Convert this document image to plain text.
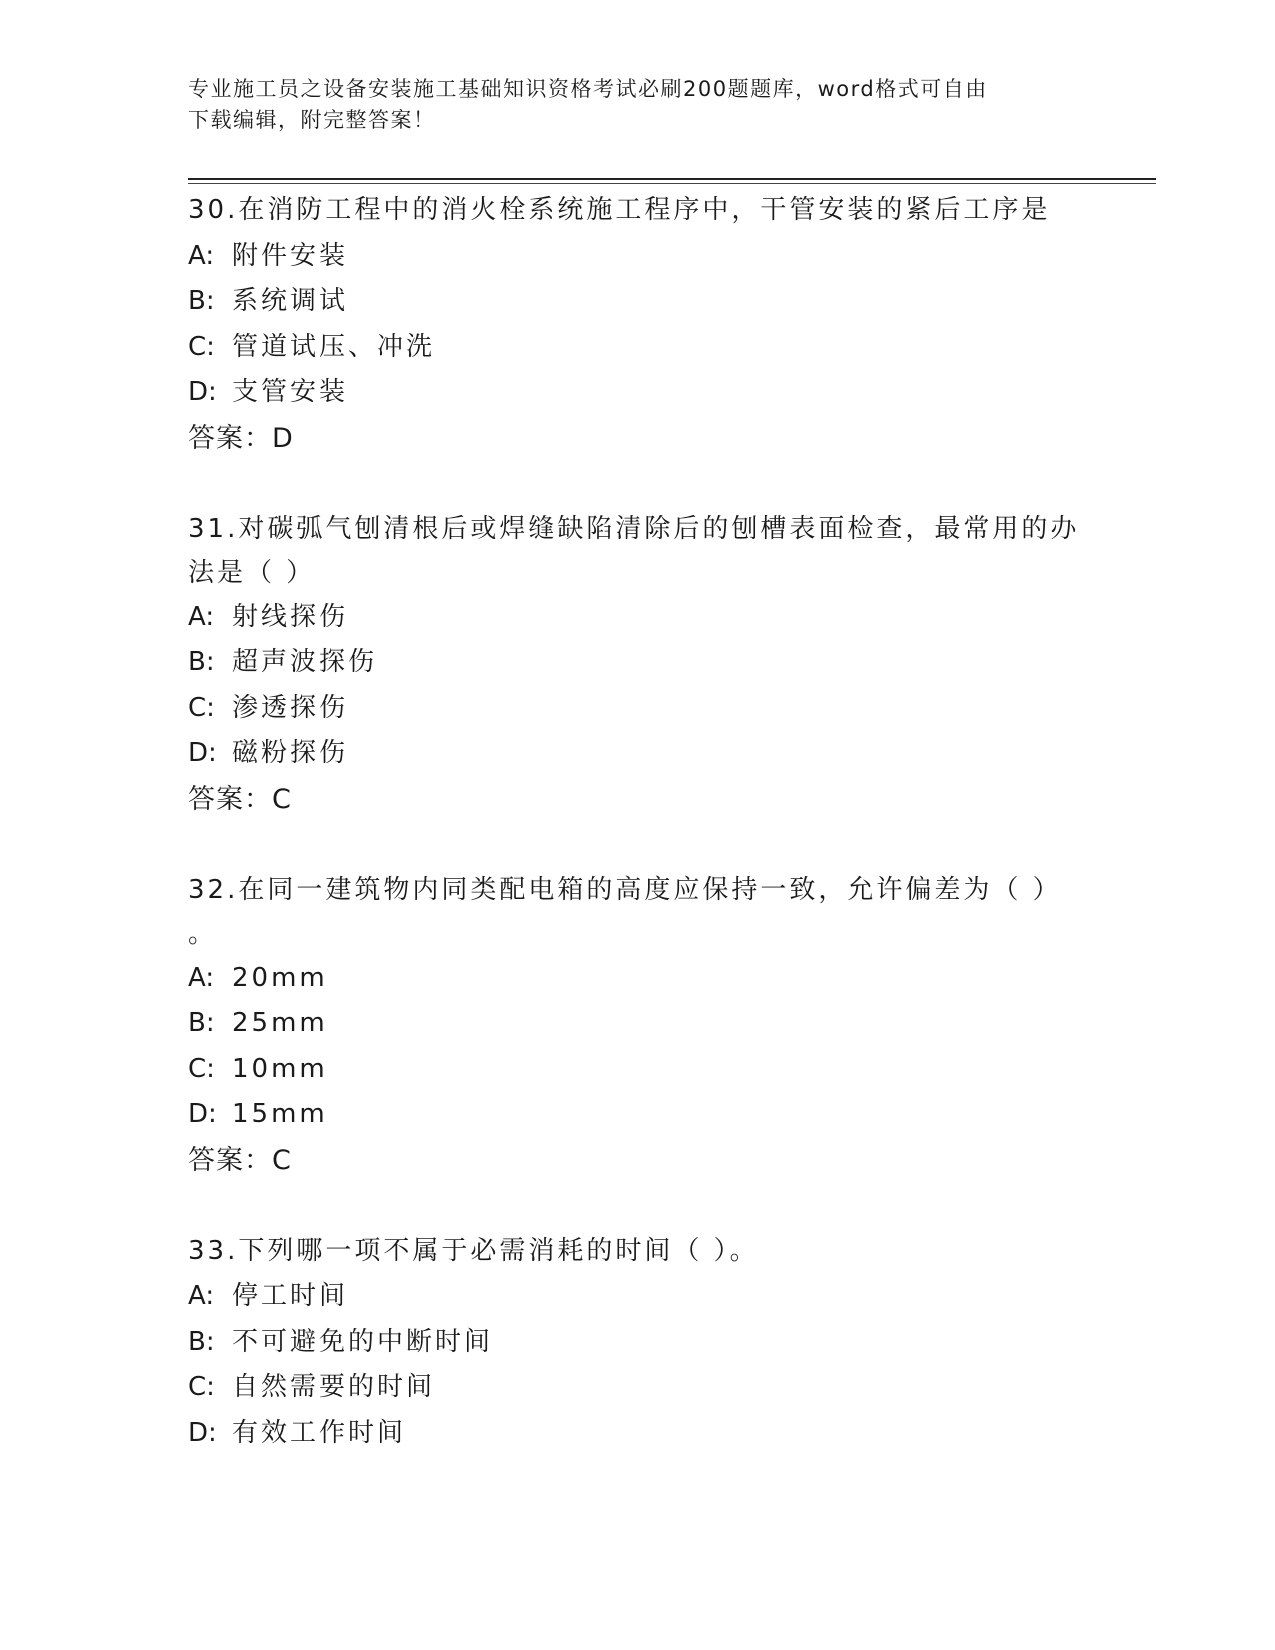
专业施工员之设备安装施工基础知识资格考试必刷200题题库，word格式可自由
下载编辑，附完整答案！
30.在消防工程中的消火栓系统施工程序中，干管安装的紧后工序是
A: 附件安装
B: 系统调试
C: 管道试压、冲洗
D: 支管安装
答案：D
31.对碳弧气刨清根后或焊缝缺陷清除后的刨槽表面检查，最常用的办
法是（ ）
A: 射线探伤
B: 超声波探伤
C: 渗透探伤
D: 磁粉探伤
答案：C
32.在同一建筑物内同类配电箱的高度应保持一致，允许偏差为（ ）
。
A: 20mm
B: 25mm
C: 10mm
D: 15mm
答案：C
33.下列哪一项不属于必需消耗的时间（ ）。
A: 停工时间
B: 不可避免的中断时间
C: 自然需要的时间
D: 有效工作时间
